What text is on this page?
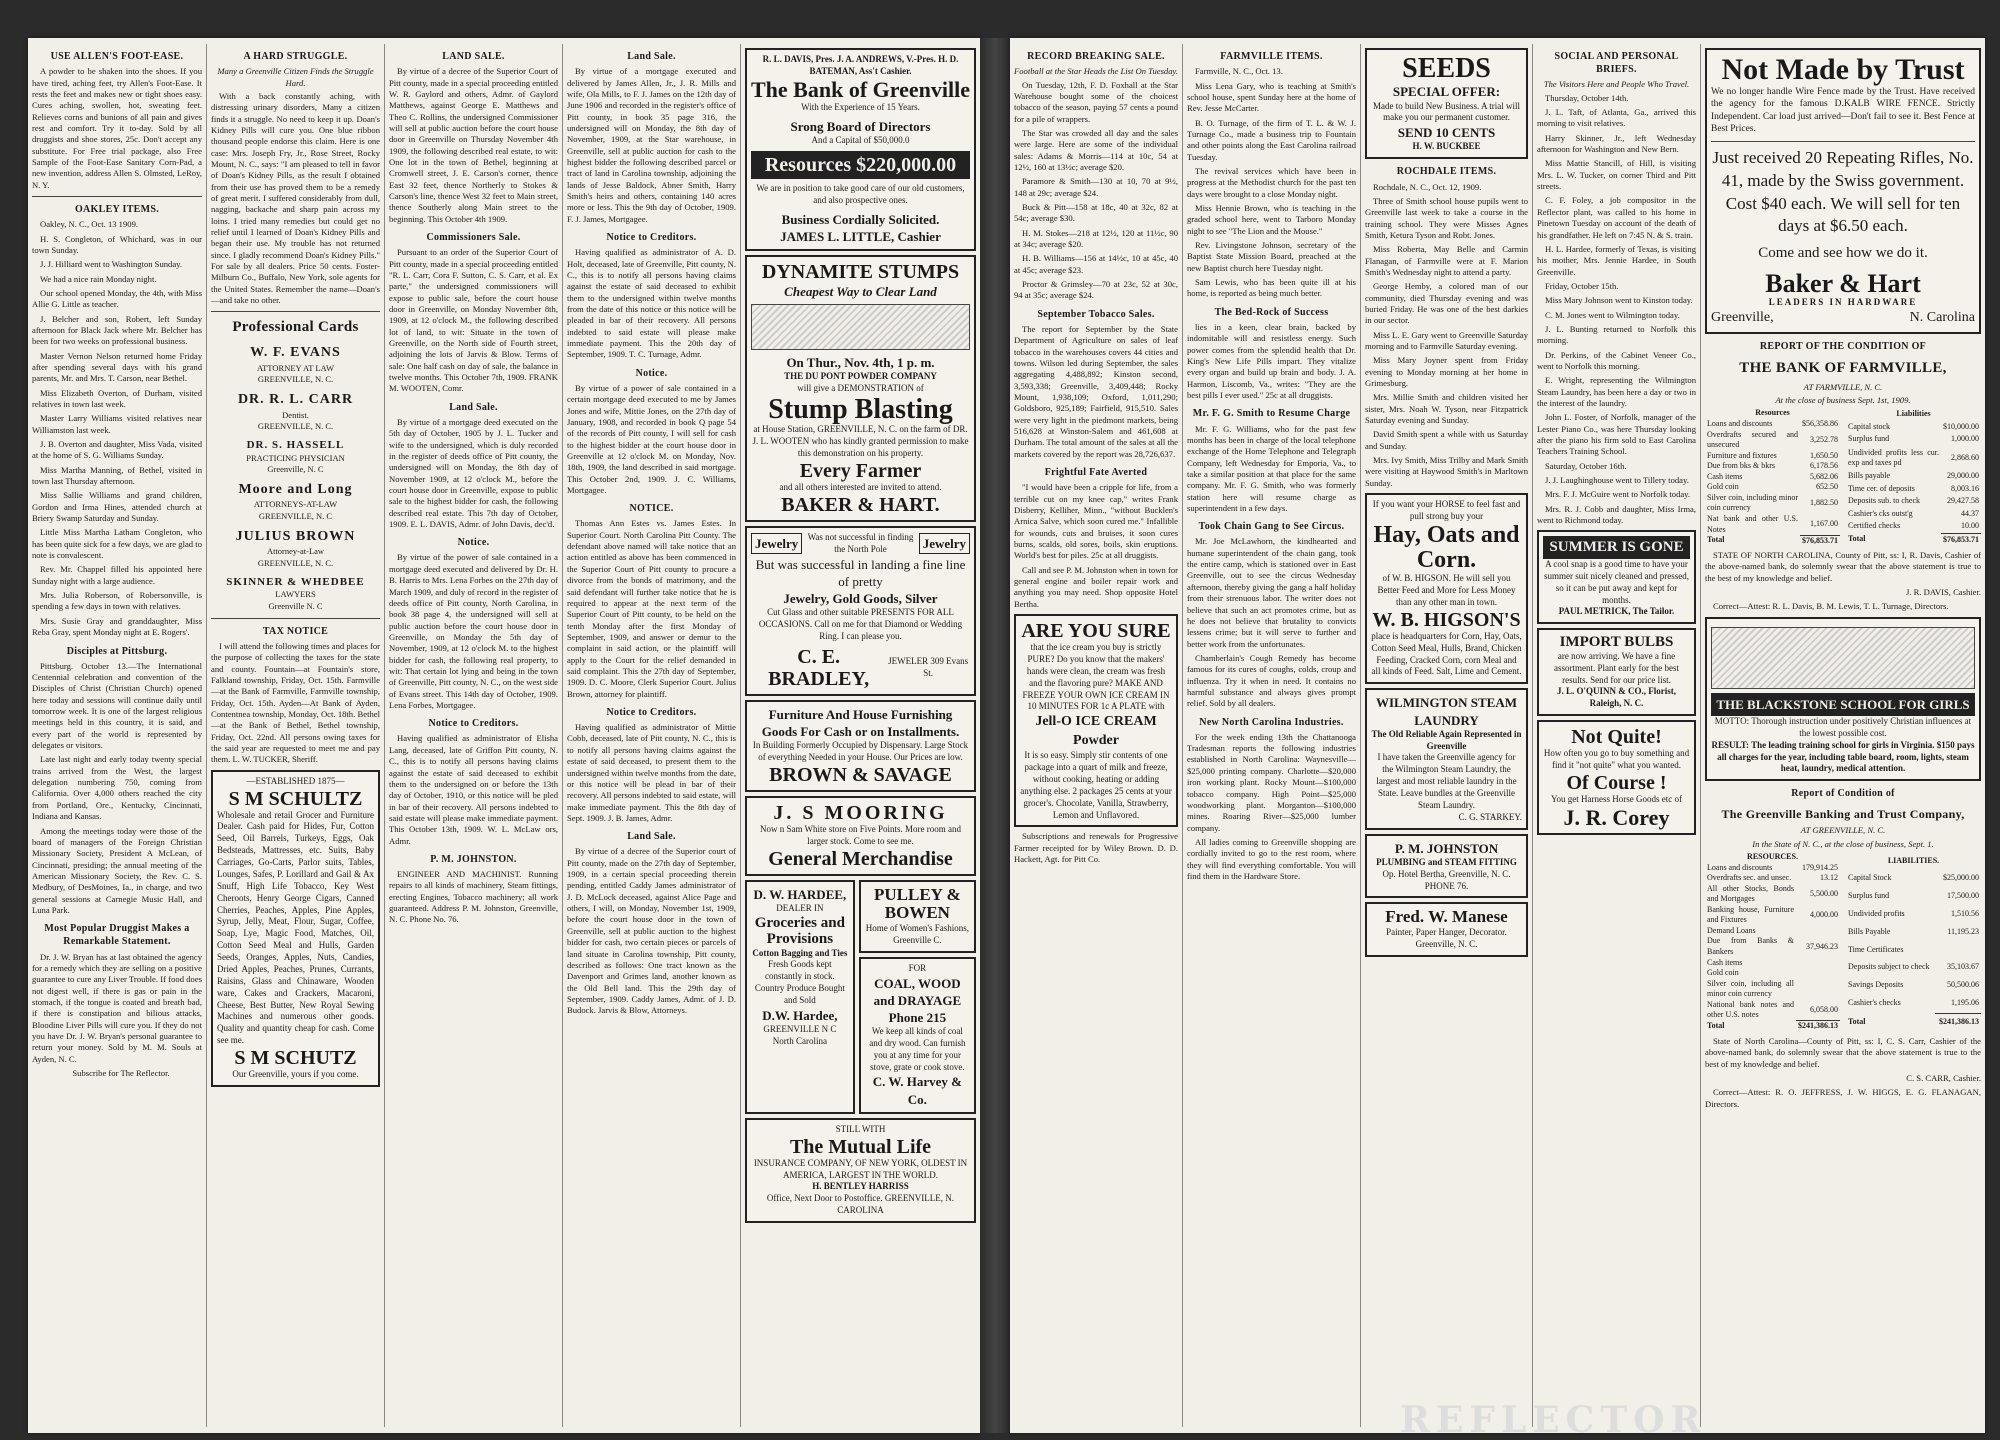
USE ALLEN'S FOOT-EASE.

A powder to be shaken into the shoes. If you have tired, aching feet, try Allen's Foot-Ease. It rests the feet and makes new or tight shoes easy. Cures aching, swollen, hot, sweating feet. Relieves corns and bunions of all pain and gives rest and comfort. Try it to-day. Sold by all druggists and shoe stores, 25c. Don't accept any substitute. For Free trial package, also Free Sample of the Foot-Ease Sanitary Corn-Pad, a new invention, address Allen S. Olmsted, LeRoy, N. Y.

OAKLEY ITEMS.

Oakley, N. C., Oct. 13 1909.

H. S. Congleton, of Whichard, was in our town Sunday.

J. J. Hilliard went to Washington Sunday.

We had a nice rain Monday night.

Our school opened Monday, the 4th, with Miss Allie G. Little as teacher.

J. Belcher and son, Robert, left Sunday afternoon for Black Jack where Mr. Belcher has been for two weeks on professional business.

Master Vernon Nelson returned home Friday after spending several days with his grand parents, Mr. and Mrs. T. Carson, near Bethel.

Miss Elizabeth Overton, of Durham, visited relatives in town last week.

Master Larry Williams visited relatives near Williamston last week.

J. B. Overton and daughter, Miss Vada, visited at the home of S. G. Williams Sunday.

Miss Martha Manning, of Bethel, visited in town last Thursday afternoon.

Miss Sallie Williams and grand children, Gordon and Irma Hines, attended church at Briery Swamp Saturday and Sunday.

Little Miss Martha Latham Congleton, who has been quite sick for a few days, we are glad to note is convalescent.

Rev. Mr. Chappel filled his appointed here Sunday night with a large audience.

Mrs. Julia Roberson, of Robersonville, is spending a few days in town with relatives.

Mrs. Susie Gray and granddaughter, Miss Reba Gray, spent Monday night at E. Rogers'.

Disciples at Pittsburg.

Pittsburg. October 13.—The International Centennial celebration and convention of the Disciples of Christ (Christian Church) opened here today and sessions will continue daily until tomorrow week. It is one of the largest religious meetings held in this country, it is said, and every part of the world is represented by delegates or visitors.

Late last night and early today twenty special trains arrived from the West, the largest delegation numbering 750, coming from California. Over 4,000 others reached the city from Portland, Ore., Kentucky, Cincinnati, Indiana and Kansas.

Among the meetings today were those of the board of managers of the Foreign Christian Missionary Society, President A McLean, of Cincinnati, presiding; the annual meeting of the American Missionary Society, the Rev. C. S. Medbury, of DesMoines, Ia., in charge, and two general sessions at Carnegie Music Hall, and Luna Park.

Most Popular Druggist Makes a Remarkable Statement.

Dr. J. W. Bryan has at last obtained the agency for a remedy which they are selling on a positive guarantee to cure any Liver Trouble. If food does not digest well, if there is gas or pain in the stomach, if the tongue is coated and breath bad, if there is constipation and bilious attacks, Bloodine Liver Pills will cure you. If they do not you have Dr. J. W. Bryan's personal guarantee to return your money. Sold by M. M. Souls at Ayden, N. C.

Subscribe for The Reflector.

A HARD STRUGGLE.
Many a Greenville Citizen Finds the Struggle Hard.

With a back constantly aching, with distressing urinary disorders, Many a citizen finds it a struggle. No need to keep it up. Doan's Kidney Pills will cure you. One blue ribbon thousand people endorse this claim. Here is one case: Mrs. Joseph Fry, Jr., Rose Street, Rocky Mount, N. C., says: "I am pleased to tell in favor of Doan's Kidney Pills, as the result I obtained from their use has proved them to be a remedy of great merit. I suffered considerably from dull, nagging, backache and sharp pain across my loins. I tried many remedies but could get no relief until I learned of Doan's Kidney Pills and began their use. My trouble has not returned since. I gladly recommend Doan's Kidney Pills." For sale by all dealers. Price 50 cents. Foster-Milburn Co., Buffalo, New York, sole agents for the United States. Remember the name—Doan's—and take no other.

Professional Cards
W. F. EVANS
ATTORNEY AT LAW
GREENVILLE, N. C.
DR. R. L. CARR
Dentist.
GREENVILLE, N. C.
DR. S. HASSELL
PRACTICING PHYSICIAN
Greenville, N. C
Moore and Long
ATTORNEYS-AT-LAW
GREENVILLE, N. C
JULIUS BROWN
Attorney-at-Law
GREENVILLE, N. C.
SKINNER & WHEDBEE
LAWYERS
Greenville N. C
TAX NOTICE

I will attend the following times and places for the purpose of collecting the taxes for the state and county. Fountain—at Fountain's store, Falkland township, Friday, Oct. 15th. Farmville—at the Bank of Farmville, Farmville township, Friday, Oct. 15th. Ayden—At Bank of Ayden, Contentnea township, Monday, Oct. 18th. Bethel—at the Bank of Bethel, Bethel township, Friday, Oct. 22nd. All persons owing taxes for the said year are requested to meet me and pay them. L. W. TUCKER, Sheriff.

—ESTABLISHED 1875—
S M SCHULTZ
Wholesale and retail Grocer and Furniture Dealer. Cash paid for Hides, Fur, Cotton Seed, Oil Barrels, Turkeys, Eggs, Oak Bedsteads, Mattresses, etc. Suits, Baby Carriages, Go-Carts, Parlor suits, Tables, Lounges, Safes, P. Lorillard and Gail & Ax Snuff, High Life Tobacco, Key West Cheroots, Henry George Cigars, Canned Cherries, Peaches, Apples, Pine Apples, Syrup, Jelly, Meat, Flour, Sugar, Coffee, Soap, Lye, Magic Food, Matches, Oil, Cotton Seed Meal and Hulls, Garden Seeds, Oranges, Apples, Nuts, Candies, Dried Apples, Peaches, Prunes, Currants, Raisins, Glass and Chinaware, Wooden ware, Cakes and Crackers, Macaroni, Cheese, Best Butter, New Royal Sewing Machines and numerous other goods. Quality and quantity cheap for cash. Come see me.
S M SCHUTZ
Our Greenville, yours if you come.
LAND SALE.

By virtue of a decree of the Superior Court of Pitt county, made in a special proceeding entitled W. R. Gaylord and others, Admr. of Gaylord Matthews, against George E. Matthews and Theo C. Rollins, the undersigned Commissioner will sell at public auction before the court house door in Greenville on Thursday November 4th 1909, the following described real estate, to wit: One lot in the town of Bethel, beginning at Cromwell street, J. E. Carson's corner, thence East 32 feet, thence Northerly to Stokes & Carson's line, thence West 32 feet to Main street, thence Southerly along Main street to the beginning. This October 4th 1909.

Commissioners Sale.

Pursuant to an order of the Superior Court of Pitt county, made in a special proceeding entitled "R. L. Carr, Cora F. Sutton, C. S. Carr, et al. Ex parte," the undersigned commissioners will expose to public sale, before the court house door in Greenville, on Monday November 8th, 1909, at 12 o'clock M., the following described lot of land, to wit: Situate in the town of Greenville, on the North side of Fourth street, adjoining the lots of Jarvis & Blow. Terms of sale: One half cash on day of sale, the balance in twelve months. This October 7th, 1909. FRANK M. WOOTEN, Comr.

Land Sale.

By virtue of a mortgage deed executed on the 5th day of October, 1905 by J. L. Tucker and wife to the undersigned, which is duly recorded in the register of deeds office of Pitt county, the undersigned will on Monday, the 8th day of November 1909, at 12 o'clock M., before the court house door in Greenville, expose to public sale to the highest bidder for cash, the following described real estate. This 7th day of October, 1909. E. L. DAVIS, Admr. of John Davis, dec'd.

Notice.

By virtue of the power of sale contained in a mortgage deed executed and delivered by Dr. H. B. Harris to Mrs. Lena Forbes on the 27th day of March 1909, and duly of record in the register of deeds office of Pitt county, North Carolina, in book 38 page 4, the undersigned will sell at public auction before the court house door in Greenville, on Monday the 5th day of November, 1909, at 12 o'clock M. to the highest bidder for cash, the following real property, to wit: That certain lot lying and being in the town of Greenville, Pitt county, N. C., on the west side of Evans street. This 14th day of October, 1909. Lena Forbes, Mortgagee.

Notice to Creditors.

Having qualified as administrator of Elisha Lang, deceased, late of Griffon Pitt county, N. C., this is to notify all persons having claims against the estate of said deceased to exhibit them to the undersigned on or before the 13th day of October, 1910, or this notice will be pled in bar of their recovery. All persons indebted to said estate will please make immediate payment. This October 13th, 1909. W. L. McLaw ors, Admr.

P. M. JOHNSTON.

ENGINEER AND MACHINIST. Running repairs to all kinds of machinery, Steam fittings, erecting Engines, Tobacco machinery; all work guaranteed. Address P. M. Johnston, Greenville, N. C. Phone No. 76.

Land Sale.

By virtue of a mortgage executed and delivered by James Allen, Jr., J. R. Mills and wife, Ola Mills, to F. J. James on the 12th day of June 1906 and recorded in the register's office of Pitt county, in book 35 page 316, the undersigned will on Monday, the 8th day of November, 1909, at the Star warehouse, in Greenville, sell at public auction for cash to the highest bidder the following described parcel or tract of land in Carolina township, adjoining the lands of Jesse Baldock, Abner Smith, Harry Smith's heirs and others, containing 140 acres more or less. This the 9th day of October, 1909. F. J. James, Mortgagee.

Notice to Creditors.

Having qualified as administrator of A. D. Holt, deceased, late of Greenville, Pitt county, N. C., this is to notify all persons having claims against the estate of said deceased to exhibit them to the undersigned within twelve months from the date of this notice or this notice will be pleaded in bar of their recovery. All persons indebted to said estate will please make immediate payment. This the 20th day of September, 1909. T. C. Turnage, Admr.

Notice.

By virtue of a power of sale contained in a certain mortgage deed executed to me by James Jones and wife, Mittie Jones, on the 27th day of January, 1908, and recorded in book Q page 54 of the records of Pitt county, I will sell for cash to the highest bidder at the court house door in Greenville at 12 o'clock M. on Monday, Nov. 18th, 1909, the land described in said mortgage. This October 2nd, 1909. J. C. Williams, Mortgagee.

NOTICE.

Thomas Ann Estes vs. James Estes. In Superior Court. North Carolina Pitt County. The defendant above named will take notice that an action entitled as above has been commenced in the Superior Court of Pitt county to procure a divorce from the bonds of matrimony, and the said defendant will further take notice that he is required to appear at the next term of the Superior Court of Pitt county, to be held on the tenth Monday after the first Monday of September, 1909, and answer or demur to the complaint in said action, or the plaintiff will apply to the Court for the relief demanded in said complaint. This the 27th day of September, 1909. D. C. Moore, Clerk Superior Court. Julius Brown, attorney for plaintiff.

Notice to Creditors.

Having qualified as administrator of Mittie Cobb, deceased, late of Pitt county, N. C., this is to notify all persons having claims against the estate of said deceased, to present them to the undersigned within twelve months from the date, or this notice will be plead in bar of their recovery. All persons indebted to said estate, will make immediate payment. This the 8th day of Sept. 1909. J. B. James, Admr.

Land Sale.

By virtue of a decree of the Superior court of Pitt county, made on the 27th day of September, 1909, in a certain special proceeding therein pending, entitled Caddy James administrator of J. D. McLock deceased, against Alice Page and others, I will, on Monday, November 1st, 1909, before the court house door in the town of Greenville, sell at public auction to the highest bidder for cash, two certain pieces or parcels of land situate in Carolina township, Pitt county, described as follows: One tract known as the Davenport and Grimes land, another known as the Old Bell land. This the 29th day of September, 1909. Caddy James, Admr. of J. D. Budock. Jarvis & Blow, Attorneys.

R. L. DAVIS, Pres. J. A. ANDREWS, V.-Pres. H. D. BATEMAN, Ass't Cashier.
The Bank of Greenville
With the Experience of 15 Years.
Srong Board of Directors
And a Capital of $50,000.0
Resources $220,000.00
We are in position to take good care of our old customers, and also prospective ones.
Business Cordially Solicited.
JAMES L. LITTLE, Cashier
DYNAMITE STUMPS
Cheapest Way to Clear Land
On Thur., Nov. 4th, 1 p. m.
THE DU PONT POWDER COMPANY
will give a DEMONSTRATION of
Stump Blasting
at House Station, GREENVILLE, N. C. on the farm of DR. J. L. WOOTEN who has kindly granted permission to make this demonstration on his property.
Every Farmer
and all others interested are invited to attend.
BAKER & HART.
Jewelry	Was not successful in finding the North Pole	Jewelry
But was successful in landing a fine line of pretty
Jewelry, Gold Goods, Silver
Cut Glass and other suitable PRESENTS FOR ALL OCCASIONS. Call on me for that Diamond or Wedding Ring. I can please you.
C. E. BRADLEY,
JEWELER 309 Evans St.
Furniture And House Furnishing Goods For Cash or on Installments.
In Building Formerly Occupied by Dispensary. Large Stock of everything Needed in your House. Our Prices are low.
BROWN & SAVAGE
J. S MOORING
Now n Sam White store on Five Points. More room and larger stock. Come to see me.
General Merchandise
D. W. HARDEE,
DEALER IN
Groceries and Provisions
Cotton Bagging and Ties
Fresh Goods kept constantly in stock. Country Produce Bought and Sold
D.W. Hardee,
GREENVILLE N C
North Carolina
PULLEY & BOWEN
Home of Women's Fashions, Greenville C.
FOR
COAL, WOOD and DRAYAGE
Phone 215
We keep all kinds of coal and dry wood. Can furnish you at any time for your stove, grate or cook stove.
C. W. Harvey & Co.
STILL WITH
The Mutual Life
INSURANCE COMPANY, OF NEW YORK, OLDEST IN AMERICA, LARGEST IN THE WORLD.
H. BENTLEY HARRISS
Office, Next Door to Postoffice. GREENVILLE, N. CAROLINA
RECORD BREAKING SALE.
Football at the Star Heads the List On Tuesday.

On Tuesday, 12th, F. D. Foxhall at the Star Warehouse bought some of the choicest tobacco of the season, paying 57 cents a pound for a pile of wrappers.

The Star was crowded all day and the sales were large. Here are some of the individual sales: Adams & Morris—114 at 10c, 54 at 12½, 160 at 13½c; average $20.

Paramore & Smith—130 at 10, 70 at 9½, 148 at 29c; average $24.

Buck & Pitt—158 at 18c, 40 at 32c, 82 at 54c; average $30.

H. M. Stokes—218 at 12½, 120 at 11½c, 90 at 34c; average $20.

H. B. Williams—156 at 14½c, 10 at 45c, 40 at 45c; average $23.

Proctor & Grimsley—70 at 23c, 52 at 30c, 94 at 35c; average $24.

September Tobacco Sales.

The report for September by the State Department of Agriculture on sales of leaf tobacco in the warehouses covers 44 cities and towns. Wilson led during September, the sales aggregating 4,488,892; Kinston second, 3,593,338; Greenville, 3,409,448; Rocky Mount, 1,938,109; Oxford, 1,011,290; Goldsboro, 925,189; Fairfield, 915,510. Sales were very light in the piedmont markets, being 516,628 at Winston-Salem and 461,608 at Durham. The total amount of the sales at all the markets covered by the report was 28,726,637.

Frightful Fate Averted

"I would have been a cripple for life, from a terrible cut on my knee cap," writes Frank Disberry, Kelliher, Minn., "without Bucklen's Arnica Salve, which soon cured me." Infallible for wounds, cuts and bruises, it soon cures burns, scalds, old sores, boils, skin eruptions. World's best for piles. 25c at all druggists.

Call and see P. M. Johnston when in town for general engine and boiler repair work and anything you may need. Shop opposite Hotel Bertha.

ARE YOU SURE
that the ice cream you buy is strictly PURE? Do you know that the makers' hands were clean, the cream was fresh and the flavoring pure? MAKE AND FREEZE YOUR OWN ICE CREAM IN 10 MINUTES FOR 1c A PLATE with
Jell-O ICE CREAM Powder
It is so easy. Simply stir contents of one package into a quart of milk and freeze, without cooking, heating or adding anything else. 2 packages 25 cents at your grocer's. Chocolate, Vanilla, Strawberry, Lemon and Unflavored.

Subscriptions and renewals for Progressive Farmer receipted for by Wiley Brown. D. D. Hackett, Agt. for Pitt Co.

FARMVILLE ITEMS.

Farmville, N. C., Oct. 13.

Miss Lena Gary, who is teaching at Smith's school house, spent Sunday here at the home of Rev. Jesse McCarter.

B. O. Turnage, of the firm of T. L. & W. J. Turnage Co., made a business trip to Fountain and other points along the East Carolina railroad Tuesday.

The revival services which have been in progress at the Methodist church for the past ten days were brought to a close Monday night.

Miss Hennie Brown, who is teaching in the graded school here, went to Tarboro Monday night to see "The Lion and the Mouse."

Rev. Livingstone Johnson, secretary of the Baptist State Mission Board, preached at the new Baptist church here Tuesday night.

Sam Lewis, who has been quite ill at his home, is reported as being much better.

The Bed-Rock of Success

lies in a keen, clear brain, backed by indomitable will and resistless energy. Such power comes from the splendid health that Dr. King's New Life Pills impart. They vitalize every organ and build up brain and body. J. A. Harmon, Liscomb, Va., writes: "They are the best pills I ever used." 25c at all druggists.

Mr. F. G. Smith to Resume Charge

Mr. F. G. Williams, who for the past few months has been in charge of the local telephone exchange of the Home Telephone and Telegraph Company, left Wednesday for Emporia, Va., to take a similar position at that place for the same company. Mr. F. G. Smith, who was formerly station here will resume charge as superintendent in a few days.

Took Chain Gang to See Circus.

Mr. Joe McLawhorn, the kindhearted and humane superintendent of the chain gang, took the entire camp, which is stationed over in East Greenville, out to see the circus Wednesday afternoon, thereby giving the gang a half holiday from their strenuous labor. The writer does not believe that such an act promotes crime, but as he does not believe that brutality to convicts lessens crime; but it will serve to further and better work from the unfortunates.

Chamberlain's Cough Remedy has become famous for its cures of coughs, colds, croup and influenza. Try it when in need. It contains no harmful substance and always gives prompt relief. Sold by all dealers.

New North Carolina Industries.

For the week ending 13th the Chattanooga Tradesman reports the following industries established in North Carolina: Waynesville—$25,000 printing company. Charlotte—$20,000 iron working plant. Rocky Mount—$100,000 tobacco company. High Point—$25,000 woodworking plant. Morganton—$100,000 mines. Roaring River—$25,000 lumber company.

All ladies coming to Greenville shopping are cordially invited to go to the rest room, where they will find everything comfortable. You will find them in the Hardware Store.

SEEDS
SPECIAL OFFER:
Made to build New Business. A trial will make you our permanent customer.
SEND 10 CENTS
H. W. BUCKBEE
ROCHDALE ITEMS.

Rochdale, N. C., Oct. 12, 1909.

Three of Smith school house pupils went to Greenville last week to take a course in the training school. They were Misses Agnes Smith, Ketura Tyson and Robt. Jones.

Miss Roberta, May Belle and Carmin Flanagan, of Farmville were at F. Marion Smith's Wednesday night to attend a party.

George Hemby, a colored man of our community, died Thursday evening and was buried Friday. He was one of the best darkies in our sector.

Miss L. E. Gary went to Greenville Saturday morning and to Farmville Saturday evening.

Miss Mary Joyner spent from Friday evening to Monday morning at her home in Grimesburg.

Mrs. Millie Smith and children visited her sister, Mrs. Noah W. Tyson, near Fitzpatrick Saturday evening and Sunday.

David Smith spent a while with us Saturday and Sunday.

Mrs. Ivy Smith, Miss Trilby and Mark Smith were visiting at Haywood Smith's in Marltown Sunday.

If you want your HORSE to feel fast and pull strong buy your
Hay, Oats and Corn.
of W. B. HIGSON. He will sell you Better Feed and More for Less Money than any other man in town.
W. B. HIGSON'S
place is headquarters for Corn, Hay, Oats, Cotton Seed Meal, Hulls, Brand, Chicken Feeding, Cracked Corn, corn Meal and all kinds of Feed. Salt, Lime and Cement.
WILMINGTON STEAM LAUNDRY
The Old Reliable Again Represented in Greenville
I have taken the Greenville agency for the Wilmington Steam Laundry, the largest and most reliable laundry in the State. Leave bundles at the Greenville Steam Laundry.
C. G. STARKEY.
P. M. JOHNSTON
PLUMBING and STEAM FITTING
Op. Hotel Bertha, Greenville, N. C. PHONE 76.
Fred. W. Manese
Painter, Paper Hanger, Decorator. Greenville, N. C.
SOCIAL AND PERSONAL BRIEFS.
The Visitors Here and People Who Travel.

Thursday, October 14th.

J. L. Taft, of Atlanta, Ga., arrived this morning to visit relatives.

Harry Skinner, Jr., left Wednesday afternoon for Washington and New Bern.

Miss Mattie Stancill, of Hill, is visiting Mrs. L. W. Tucker, on corner Third and Pitt streets.

C. F. Foley, a job compositor in the Reflector plant, was called to his home in Pinetown Tuesday on account of the death of his grandfather. He left on 7:45 N. & S. train.

H. L. Hardee, formerly of Texas, is visiting his mother, Mrs. Jennie Hardee, in South Greenville.

Friday, October 15th.

Miss Mary Johnson went to Kinston today.

C. M. Jones went to Wilmington today.

J. L. Bunting returned to Norfolk this morning.

Dr. Perkins, of the Cabinet Veneer Co., went to Norfolk this morning.

E. Wright, representing the Wilmington Steam Laundry, has been here a day or two in the interest of the laundry.

John L. Foster, of Norfolk, manager of the Lester Piano Co., was here Thursday looking after the piano his firm sold to East Carolina Teachers Training School.

Saturday, October 16th.

J. J. Laughinghouse went to Tillery today.

Mrs. F. J. McGuire went to Norfolk today.

Mrs. R. J. Cobb and daughter, Miss Irma, went to Richmond today.

SUMMER IS GONE
A cool snap is a good time to have your summer suit nicely cleaned and pressed, so it can be put away and kept for months.
PAUL METRICK, The Tailor.
IMPORT BULBS
are now arriving. We have a fine assortment. Plant early for the best results. Send for our price list.
J. L. O'QUINN & CO., Florist, Raleigh, N. C.
Not Quite!
How often you go to buy something and find it "not quite" what you wanted.
Of Course !
You get Harness Horse Goods etc of
J. R. Corey
Not Made by Trust
We no longer handle Wire Fence made by the Trust. Have received the agency for the famous D.KALB WIRE FENCE. Strictly Independent. Car load just arrived—Don't fail to see it. Best Fence at Best Prices.
Just received 20 Repeating Rifles, No. 41, made by the Swiss government. Cost $40 each. We will sell for ten days at $6.50 each.
Come and see how we do it.
Baker & Hart
LEADERS IN HARDWARE
Greenville,	N. Carolina
REPORT OF THE CONDITION OF
THE BANK OF FARMVILLE,
AT FARMVILLE, N. C.
At the close of business Sept. 1st, 1909.
Resources	
Loans and discounts	$56,358.86
Overdrafts secured and unsecured	3,252.78
Furniture and fixtures	1,650.50
Due from bks & bkrs	6,178.56
Cash items	5,682.06
Gold coin	652.50
Silver coin, including minor coin currency	1,882.50
Nat bank and other U.S. Notes	1,167.00
Total	$76,853.71
Liabilities	
Capital stock	$10,000.00
Surplus fund	1,000.00
Undivided profits less cur. exp and taxes pd	2,868.60
Bills payable	29,000.00
Time cer. of deposits	8,003.16
Deposits sub. to check	29,427.58
Cashier's cks outst'g	44.37
Certified checks	10.00
Total	$76,853.71

STATE OF NORTH CAROLINA, County of Pitt, ss: I, R. Davis, Cashier of the above-named bank, do solemnly swear that the above statement is true to the best of my knowledge and belief.

J. R. DAVIS, Cashier.

Correct—Attest: R. L. Davis, B. M. Lewis, T. L. Turnage, Directors.

THE BLACKSTONE SCHOOL FOR GIRLS
MOTTO: Thorough instruction under positively Christian influences at the lowest possible cost.
RESULT: The leading training school for girls in Virginia. $150 pays all charges for the year, including table board, room, lights, steam heat, laundry, medical attention.
Report of Condition of
The Greenville Banking and Trust Company,
AT GREENVILLE, N. C.
In the State of N. C., at the close of business, Sept. 1.
RESOURCES.	
Loans and discounts	179,914.25
Overdrafts sec. and unsec.	13.12
All other Stocks, Bonds and Mortgages	5,500.00
Banking house, Furniture and Fixtures	4,000.00
Demand Loans	
Due from Banks & Bankers	37,946.23
Cash items	
Gold coin	
Silver coin, including all minor coin currency	
National bank notes and other U.S. notes	6,058.00
Total	$241,386.13
LIABILITIES.	
Capital Stock	$25,000.00
Surplus fund	17,500.00
Undivided profits	1,510.56
Bills Payable	11,195.23
Time Certificates	
Deposits subject to check	35,103.67
Savings Deposits	50,500.06
Cashier's checks	1,195.06
Total	$241,386.13

State of North Carolina—County of Pitt, ss: I, C. S. Carr, Cashier of the above-named bank, do solemnly swear that the above statement is true to the best of my knowledge and belief.

C. S. CARR, Cashier.

Correct—Attest: R. O. JEFFRESS, J. W. HIGGS, E. G. FLANAGAN, Directors.

REFLECTOR
